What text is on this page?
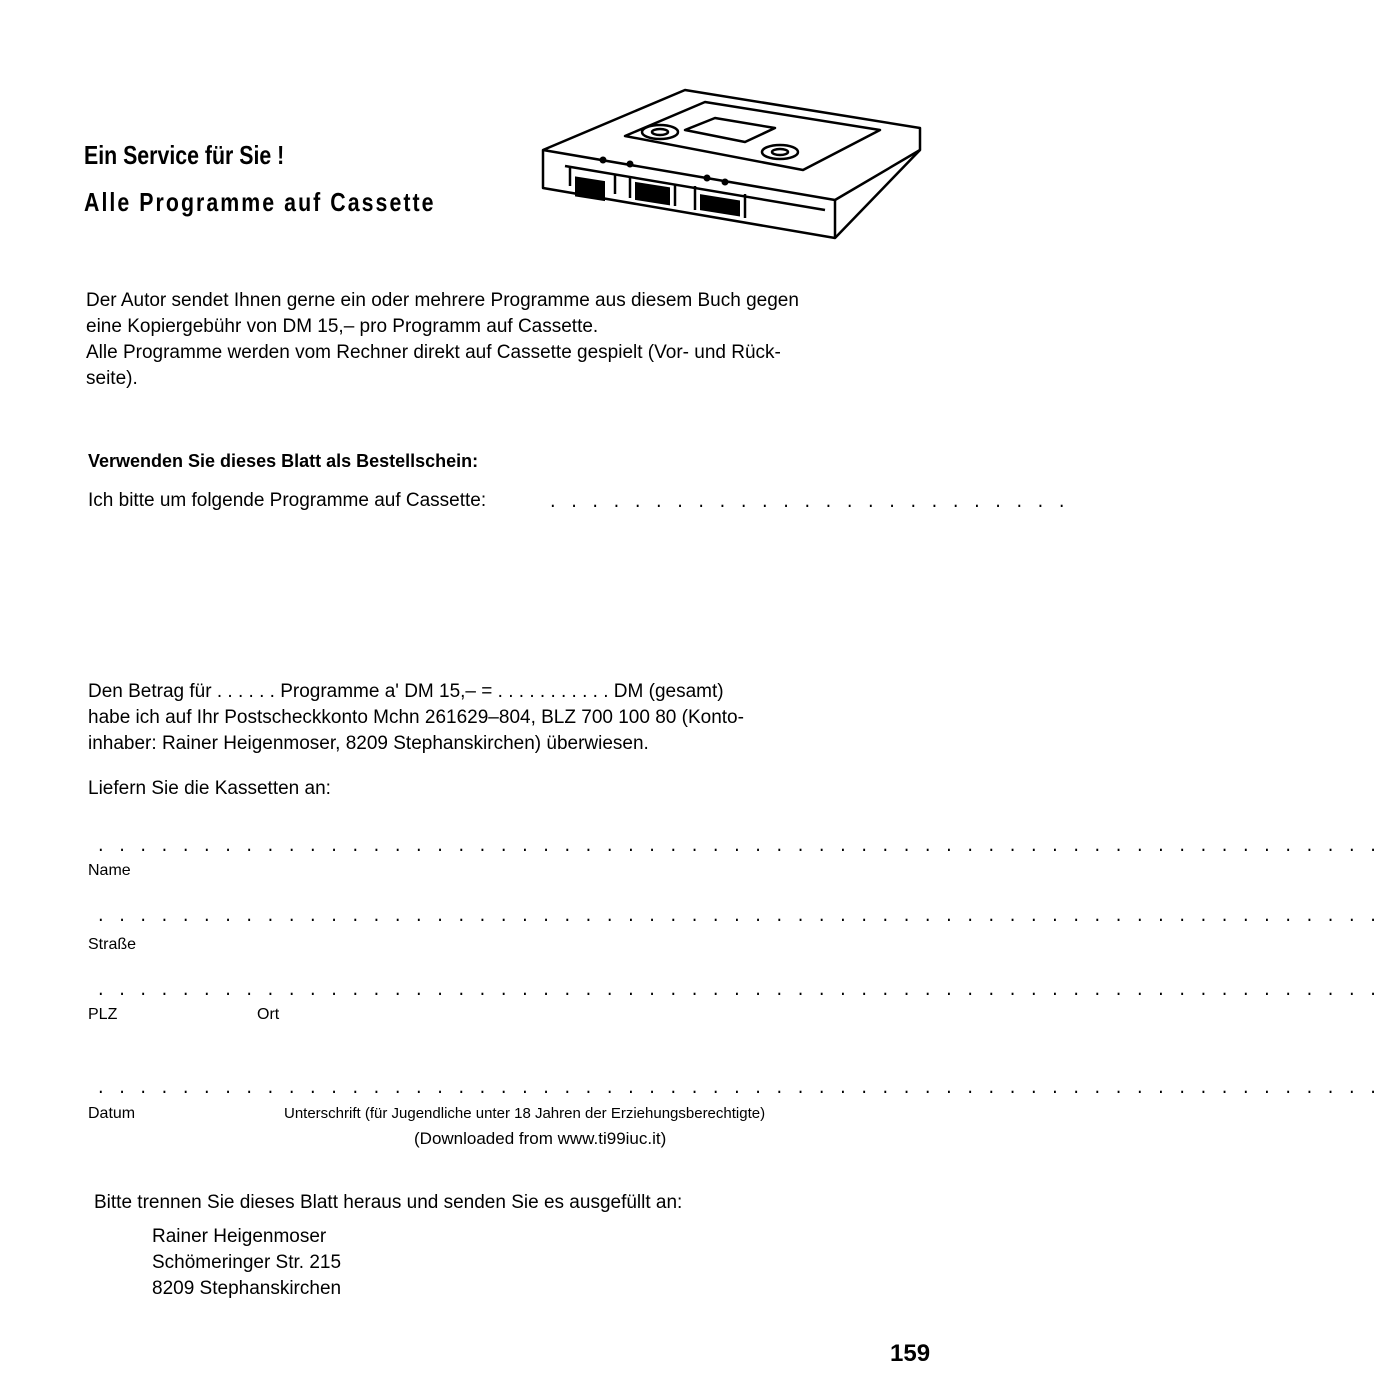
Ein Service für Sie !
Alle Programme auf Cassette
Der Autor sendet Ihnen gerne ein oder mehrere Programme aus diesem Buch gegen
eine Kopiergebühr von DM 15,– pro Programm auf Cassette.
Alle Programme werden vom Rechner direkt auf Cassette gespielt (Vor- und Rück-
seite).
Verwenden Sie dieses Blatt als Bestellschein:
Ich bitte um folgende Programme auf Cassette:	. . . . . . . . . . . . . . . . . . . . . . . . .
Den Betrag für . . . . . . Programme a' DM 15,– = . . . . . . . . . . . DM (gesamt)
habe ich auf Ihr Postscheckkonto Mchn 261629–804, BLZ 700 100 80 (Konto-
inhaber: Rainer Heigenmoser, 8209 Stephanskirchen) überwiesen.
Liefern Sie die Kassetten an:
. . . . . . . . . . . . . . . . . . . . . . . . . . . . . . . . . . . . . . . . . . . . . . . . . . . . . . . . . . . . .
Name
. . . . . . . . . . . . . . . . . . . . . . . . . . . . . . . . . . . . . . . . . . . . . . . . . . . . . . . . . . . . .
Straße
. . . . . . . . . . . . . . . . . . . . . . . . . . . . . . . . . . . . . . . . . . . . . . . . . . . . . . . . . . . . .
PLZ	Ort
. . . . . . . . . . . . . . . . . . . . . . . . . . . . . . . . . . . . . . . . . . . . . . . . . . . . . . . . . . . . .
Datum	Unterschrift (für Jugendliche unter 18 Jahren der Erziehungsberechtigte)
(Downloaded from www.ti99iuc.it)
Bitte trennen Sie dieses Blatt heraus und senden Sie es ausgefüllt an:
Rainer Heigenmoser
Schömeringer Str. 215
8209 Stephanskirchen
159
